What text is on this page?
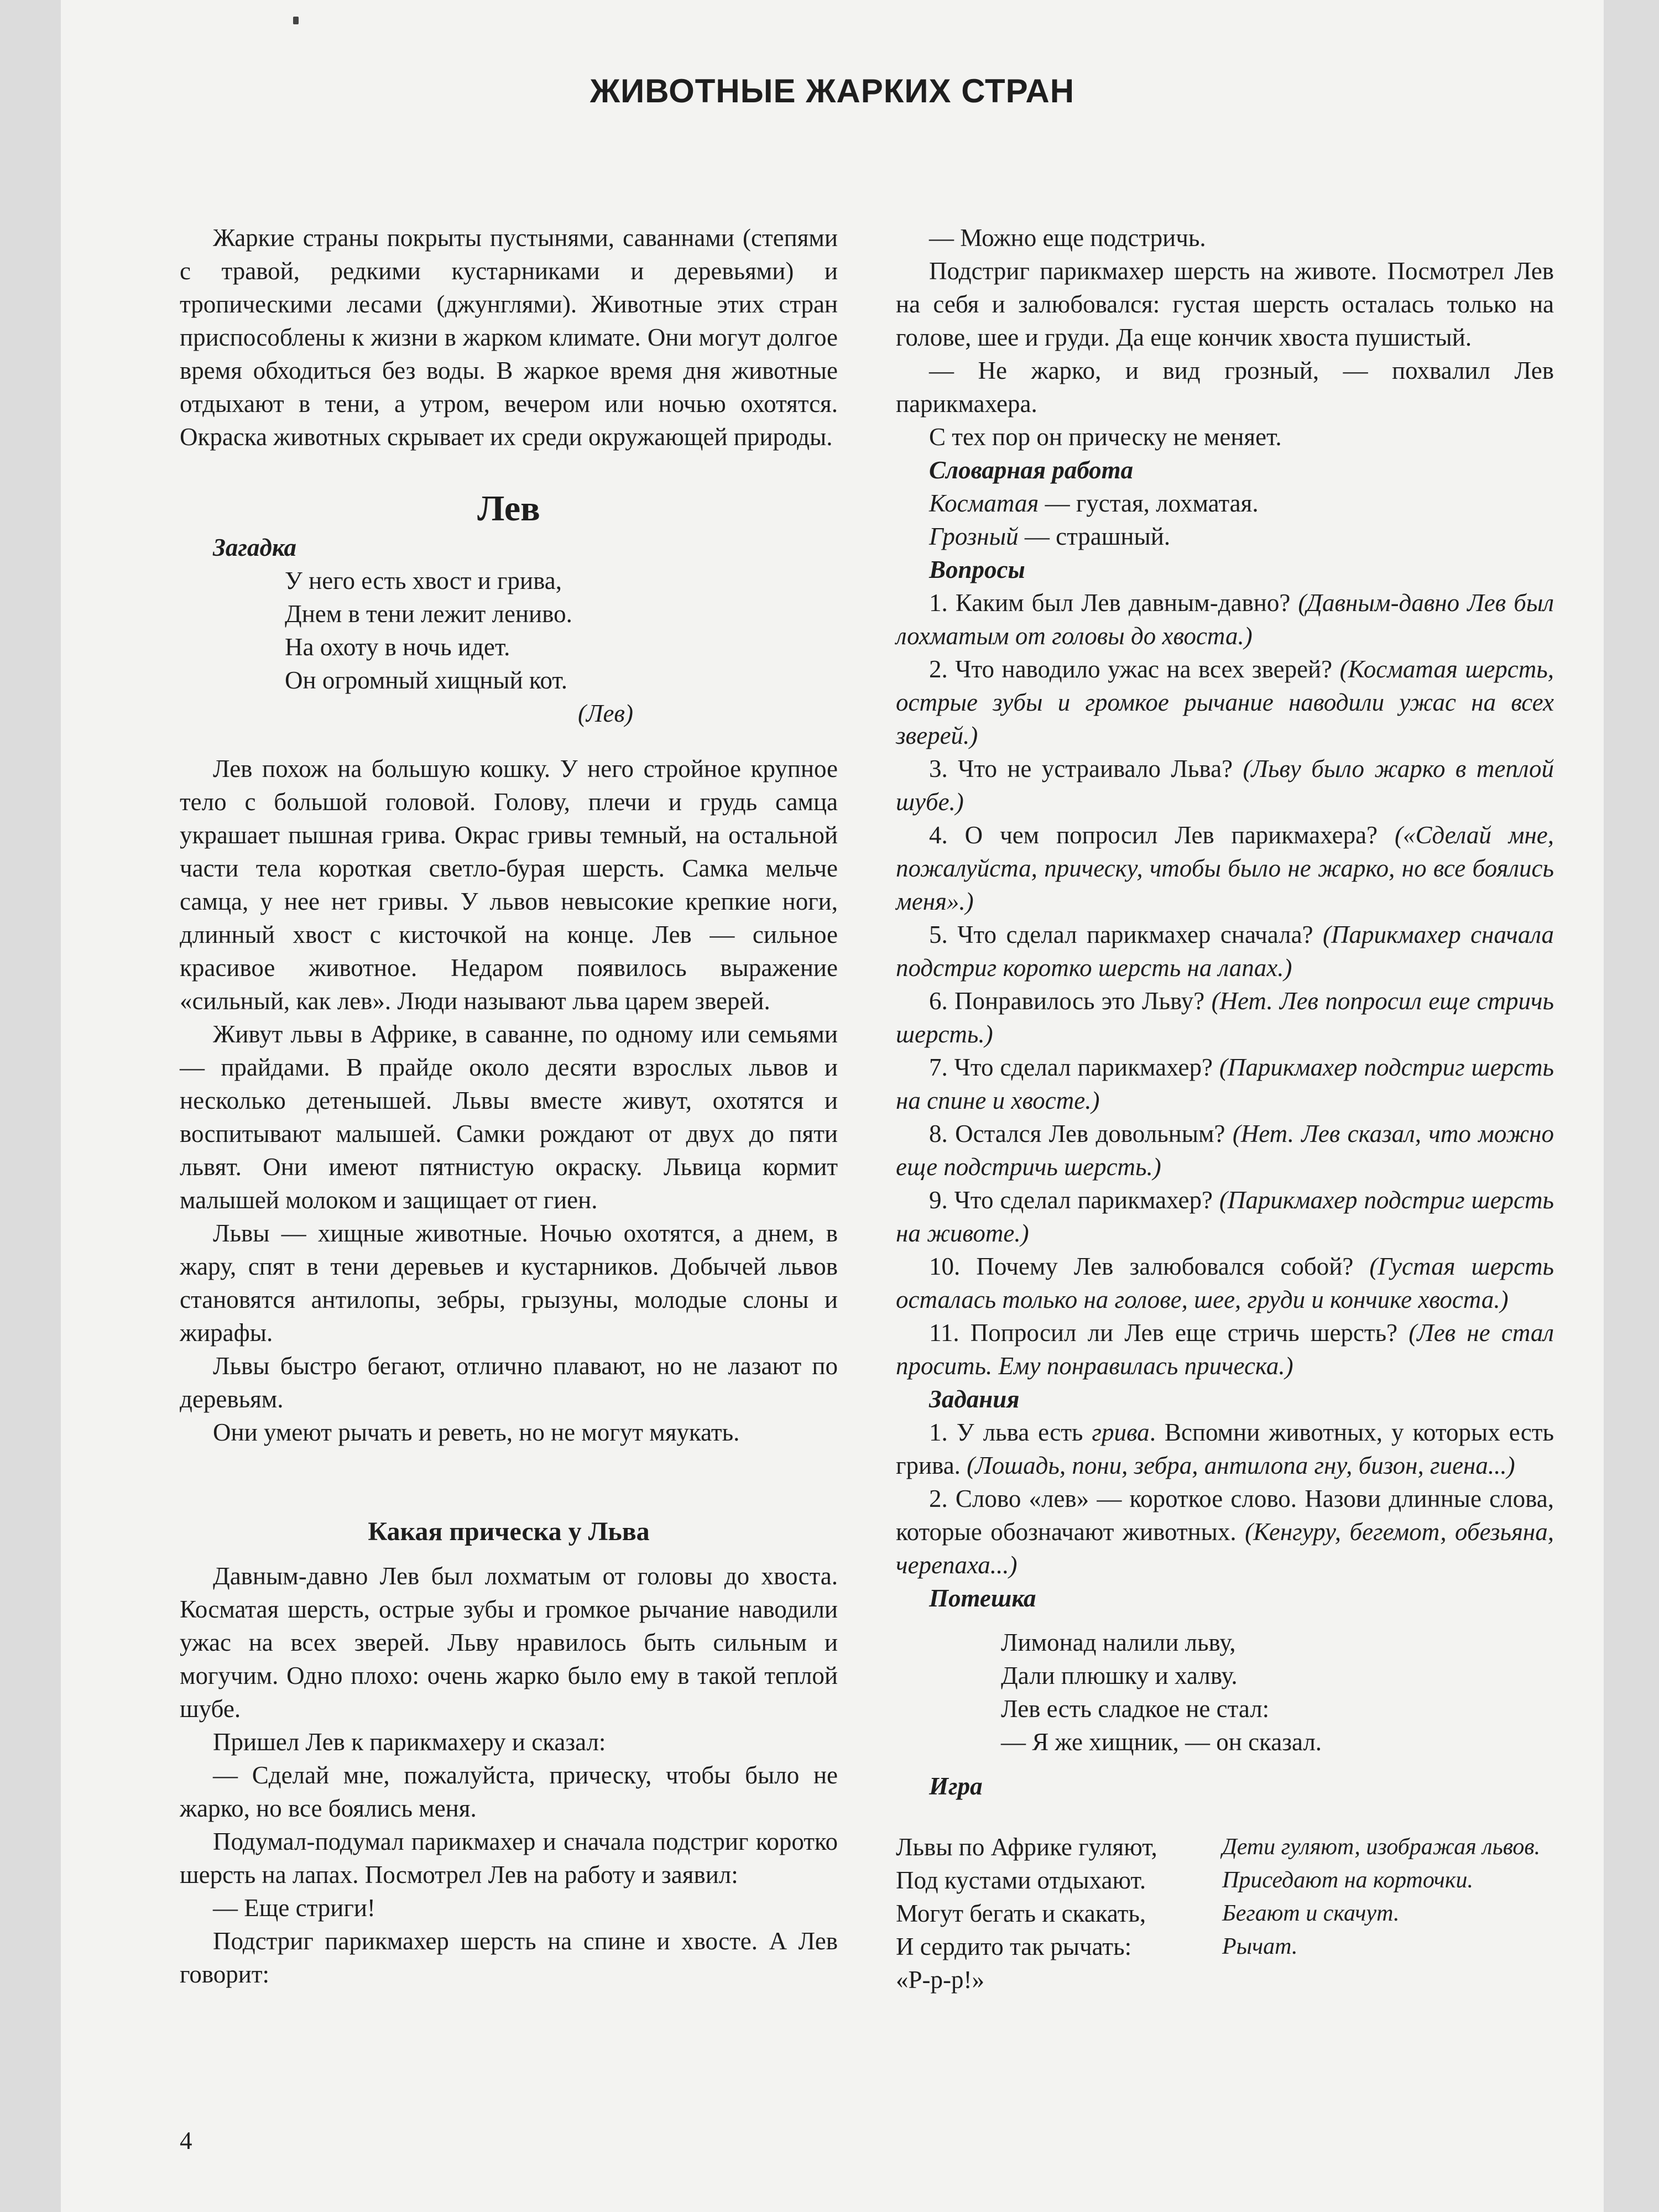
ЖИВОТНЫЕ ЖАРКИХ СТРАН

Жаркие страны покрыты пустынями, саваннами (степями с травой, редкими кустарниками и деревьями) и тропическими лесами (джунглями). Животные этих стран приспособлены к жизни в жарком климате. Они могут долгое время обходиться без воды. В жаркое время дня животные отдыхают в тени, а утром, вечером или ночью охотятся. Окраска животных скрывает их среди окружающей природы.

Лев
Загадка

У него есть хвост и грива,

Днем в тени лежит лениво.

На охоту в ночь идет.

Он огромный хищный кот.

(Лев)

Лев похож на большую кошку. У него стройное крупное тело с большой головой. Голову, плечи и грудь самца украшает пышная грива. Окрас гривы темный, на остальной части тела короткая светло-бурая шерсть. Самка мельче самца, у нее нет гривы. У львов невысокие крепкие ноги, длинный хвост с кисточкой на конце. Лев — сильное красивое животное. Недаром появилось выражение «сильный, как лев». Люди называют льва царем зверей.

Живут львы в Африке, в саванне, по одному или семьями — прайдами. В прайде около десяти взрослых львов и несколько детенышей. Львы вместе живут, охотятся и воспитывают малышей. Самки рождают от двух до пяти львят. Они имеют пятнистую окраску. Львица кормит малышей молоком и защищает от гиен.

Львы — хищные животные. Ночью охотятся, а днем, в жару, спят в тени деревьев и кустарников. Добычей львов становятся антилопы, зебры, грызуны, молодые слоны и жирафы.

Львы быстро бегают, отлично плавают, но не лазают по деревьям.

Они умеют рычать и реветь, но не могут мяукать.

Какая прическа у Льва

Давным-давно Лев был лохматым от головы до хвоста. Косматая шерсть, острые зубы и громкое рычание наводили ужас на всех зверей. Льву нравилось быть сильным и могучим. Одно плохо: очень жарко было ему в такой теплой шубе.

Пришел Лев к парикмахеру и сказал:

— Сделай мне, пожалуйста, прическу, чтобы было не жарко, но все боялись меня.

Подумал-подумал парикмахер и сначала подстриг коротко шерсть на лапах. Посмотрел Лев на работу и заявил:

— Еще стриги!

Подстриг парикмахер шерсть на спине и хвосте. А Лев говорит:

— Можно еще подстричь.

Подстриг парикмахер шерсть на животе. Посмотрел Лев на себя и залюбовался: густая шерсть осталась только на голове, шее и груди. Да еще кончик хвоста пушистый.

— Не жарко, и вид грозный, — похвалил Лев парикмахера.

С тех пор он прическу не меняет.

Словарная работа

Косматая — густая, лохматая.

Грозный — страшный.

Вопросы

1. Каким был Лев давным-давно? (Давным-давно Лев был лохматым от головы до хвоста.)

2. Что наводило ужас на всех зверей? (Косматая шерсть, острые зубы и громкое рычание наводили ужас на всех зверей.)

3. Что не устраивало Льва? (Льву было жарко в теплой шубе.)

4. О чем попросил Лев парикмахера? («Сделай мне, пожалуйста, прическу, чтобы было не жарко, но все боялись меня».)

5. Что сделал парикмахер сначала? (Парикмахер сначала подстриг коротко шерсть на лапах.)

6. Понравилось это Льву? (Нет. Лев попросил еще стричь шерсть.)

7. Что сделал парикмахер? (Парикмахер подстриг шерсть на спине и хвосте.)

8. Остался Лев довольным? (Нет. Лев сказал, что можно еще подстричь шерсть.)

9. Что сделал парикмахер? (Парикмахер подстриг шерсть на животе.)

10. Почему Лев залюбовался собой? (Густая шерсть осталась только на голове, шее, груди и кончике хвоста.)

11. Попросил ли Лев еще стричь шерсть? (Лев не стал просить. Ему понравилась прическа.)

Задания

1. У льва есть грива. Вспомни животных, у которых есть грива. (Лошадь, пони, зебра, антилопа гну, бизон, гиена...)

2. Слово «лев» — короткое слово. Назови длинные слова, которые обозначают животных. (Кенгуру, бегемот, обезьяна, черепаха...)

Потешка

Лимонад налили льву,

Дали плюшку и халву.

Лев есть сладкое не стал:

— Я же хищник, — он сказал.

Игра
Львы по Африке гуляют,	Дети гуляют, изображая львов.
Под кустами отдыхают.	Приседают на корточки.
Могут бегать и скакать,	Бегают и скачут.
И сердито так рычать:	Рычат.
«Р-р-р!»
4
